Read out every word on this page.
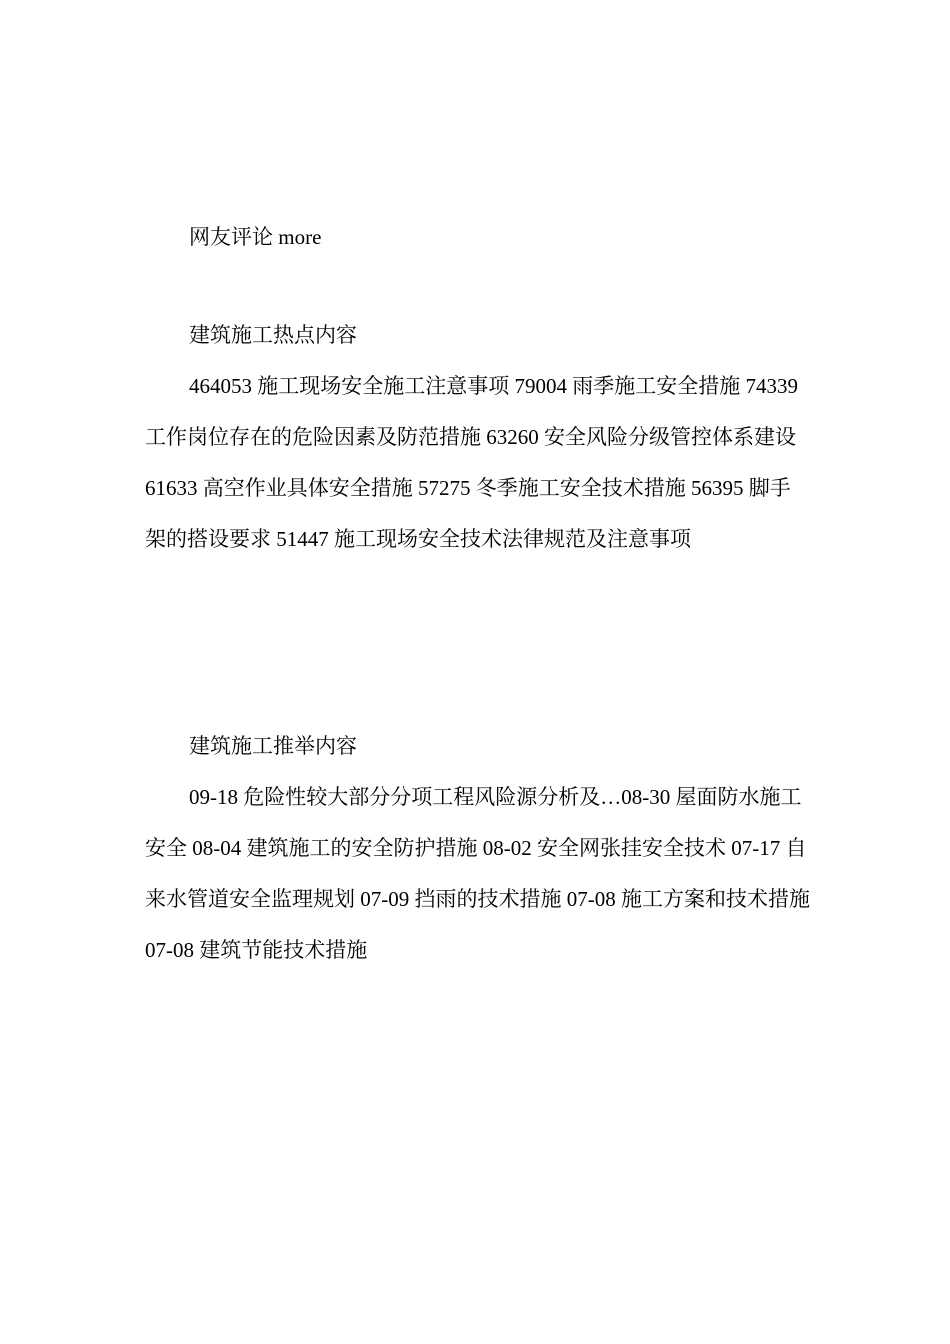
网友评论 more

建筑施工热点内容

464053 施工现场安全施工注意事项 79004 雨季施工安全措施 74339 工作岗位存在的危险因素及防范措施 63260 安全风险分级管控体系建设 61633 高空作业具体安全措施 57275 冬季施工安全技术措施 56395 脚手架的搭设要求 51447 施工现场安全技术法律规范及注意事项

建筑施工推举内容

09-18 危险性较大部分分项工程风险源分析及…08-30 屋面防水施工安全 08-04 建筑施工的安全防护措施 08-02 安全网张挂安全技术 07-17 自来水管道安全监理规划 07-09 挡雨的技术措施 07-08 施工方案和技术措施 07-08 建筑节能技术措施
